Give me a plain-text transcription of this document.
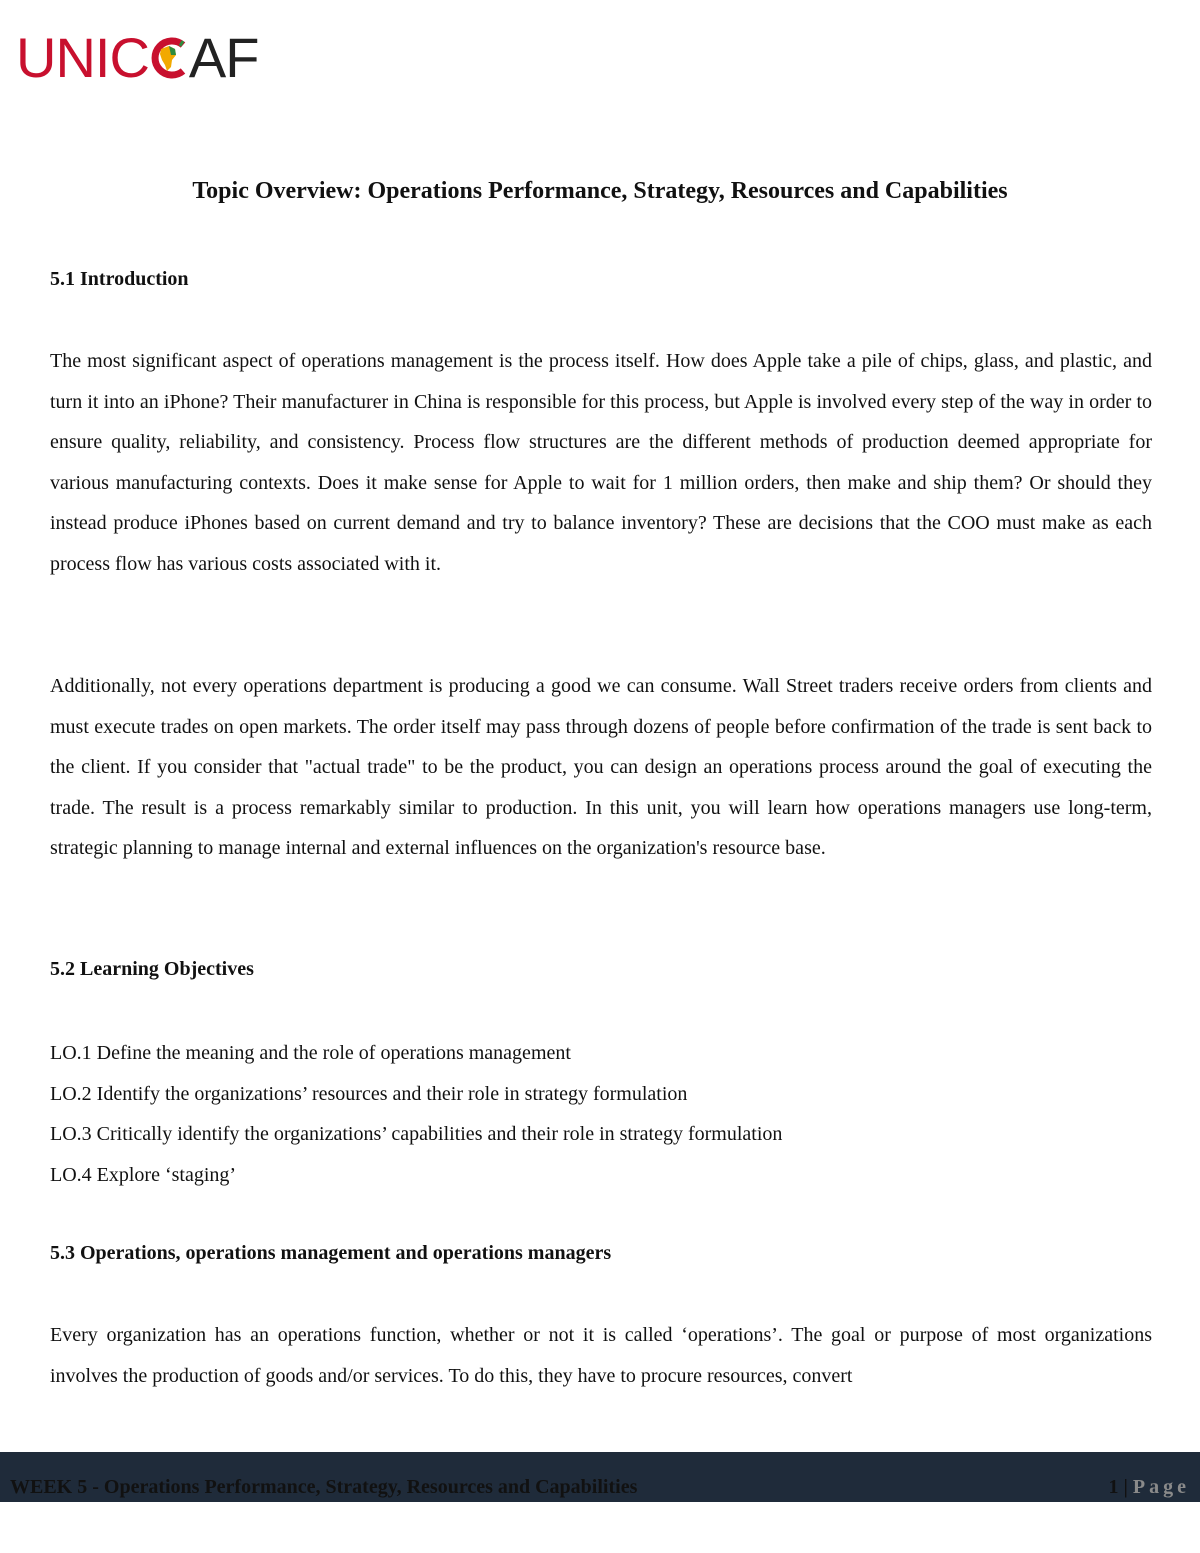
UNIC AF
Topic Overview: Operations Performance, Strategy, Resources and Capabilities
5.1 Introduction

The most significant aspect of operations management is the process itself. How does Apple take a pile of chips, glass, and plastic, and turn it into an iPhone? Their manufacturer in China is responsible for this process, but Apple is involved every step of the way in order to ensure quality, reliability, and consistency. Process flow structures are the different methods of production deemed appropriate for various manufacturing contexts. Does it make sense for Apple to wait for 1 million orders, then make and ship them? Or should they instead produce iPhones based on current demand and try to balance inventory? These are decisions that the COO must make as each process flow has various costs associated with it.

Additionally, not every operations department is producing a good we can consume. Wall Street traders receive orders from clients and must execute trades on open markets. The order itself may pass through dozens of people before confirmation of the trade is sent back to the client. If you consider that "actual trade" to be the product, you can design an operations process around the goal of executing the trade. The result is a process remarkably similar to production. In this unit, you will learn how operations managers use long-term, strategic planning to manage internal and external influences on the organization's resource base.

5.2 Learning Objectives
LO.1 Define the meaning and the role of operations management
LO.2 Identify the organizations’ resources and their role in strategy formulation
LO.3 Critically identify the organizations’ capabilities and their role in strategy formulation
LO.4 Explore ‘staging’
5.3 Operations, operations management and operations managers

Every organization has an operations function, whether or not it is called ‘operations’. The goal or purpose of most organizations involves the production of goods and/or services. To do this, they have to procure resources, convert

WEEK 5 - Operations Performance, Strategy, Resources and Capabilities	1 | Page
